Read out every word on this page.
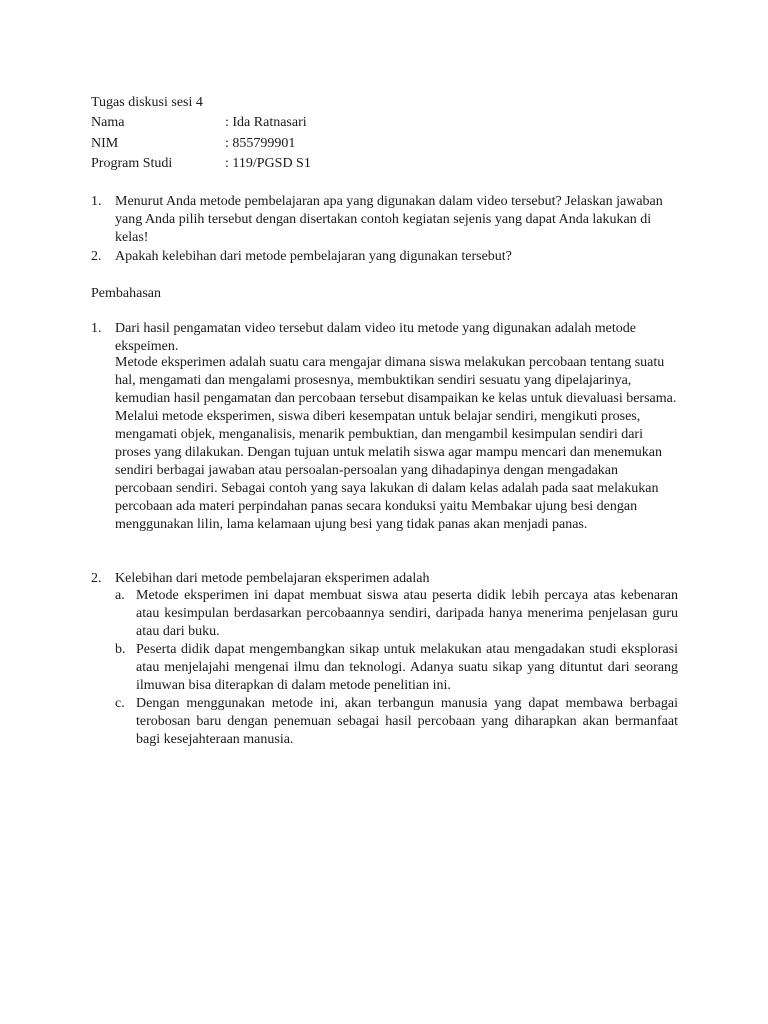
Tugas diskusi sesi 4
Nama	: Ida Ratnasari
NIM	: 855799901
Program Studi	: 119/PGSD S1
1. Menurut Anda metode pembelajaran apa yang digunakan dalam video tersebut? Jelaskan jawaban yang Anda pilih tersebut dengan disertakan contoh kegiatan sejenis yang dapat Anda lakukan di kelas!

2. Apakah kelebihan dari metode pembelajaran yang digunakan tersebut?

Pembahasan
1. Dari hasil pengamatan video tersebut dalam video itu metode yang digunakan adalah metode ekspeimen.

Metode eksperimen adalah suatu cara mengajar dimana siswa melakukan percobaan tentang suatu hal, mengamati dan mengalami prosesnya, membuktikan sendiri sesuatu yang dipelajarinya, kemudian hasil pengamatan dan percobaan tersebut disampaikan ke kelas untuk dievaluasi bersama. Melalui metode eksperimen, siswa diberi kesempatan untuk belajar sendiri, mengikuti proses, mengamati objek, menganalisis, menarik pembuktian, dan mengambil kesimpulan sendiri dari proses yang dilakukan. Dengan tujuan untuk melatih siswa agar mampu mencari dan menemukan sendiri berbagai jawaban atau persoalan-persoalan yang dihadapinya dengan mengadakan percobaan sendiri. Sebagai contoh yang saya lakukan di dalam kelas adalah pada saat melakukan percobaan ada materi perpindahan panas secara konduksi yaitu Membakar ujung besi dengan menggunakan lilin, lama kelamaan ujung besi yang tidak panas akan menjadi panas.

2. Kelebihan dari metode pembelajaran eksperimen adalah

a. Metode eksperimen ini dapat membuat siswa atau peserta didik lebih percaya atas kebenaran atau kesimpulan berdasarkan percobaannya sendiri, daripada hanya menerima penjelasan guru atau dari buku.

b. Peserta didik dapat mengembangkan sikap untuk melakukan atau mengadakan studi eksplorasi atau menjelajahi mengenai ilmu dan teknologi. Adanya suatu sikap yang dituntut dari seorang ilmuwan bisa diterapkan di dalam metode penelitian ini.

c. Dengan menggunakan metode ini, akan terbangun manusia yang dapat membawa berbagai terobosan baru dengan penemuan sebagai hasil percobaan yang diharapkan akan bermanfaat bagi kesejahteraan manusia.
